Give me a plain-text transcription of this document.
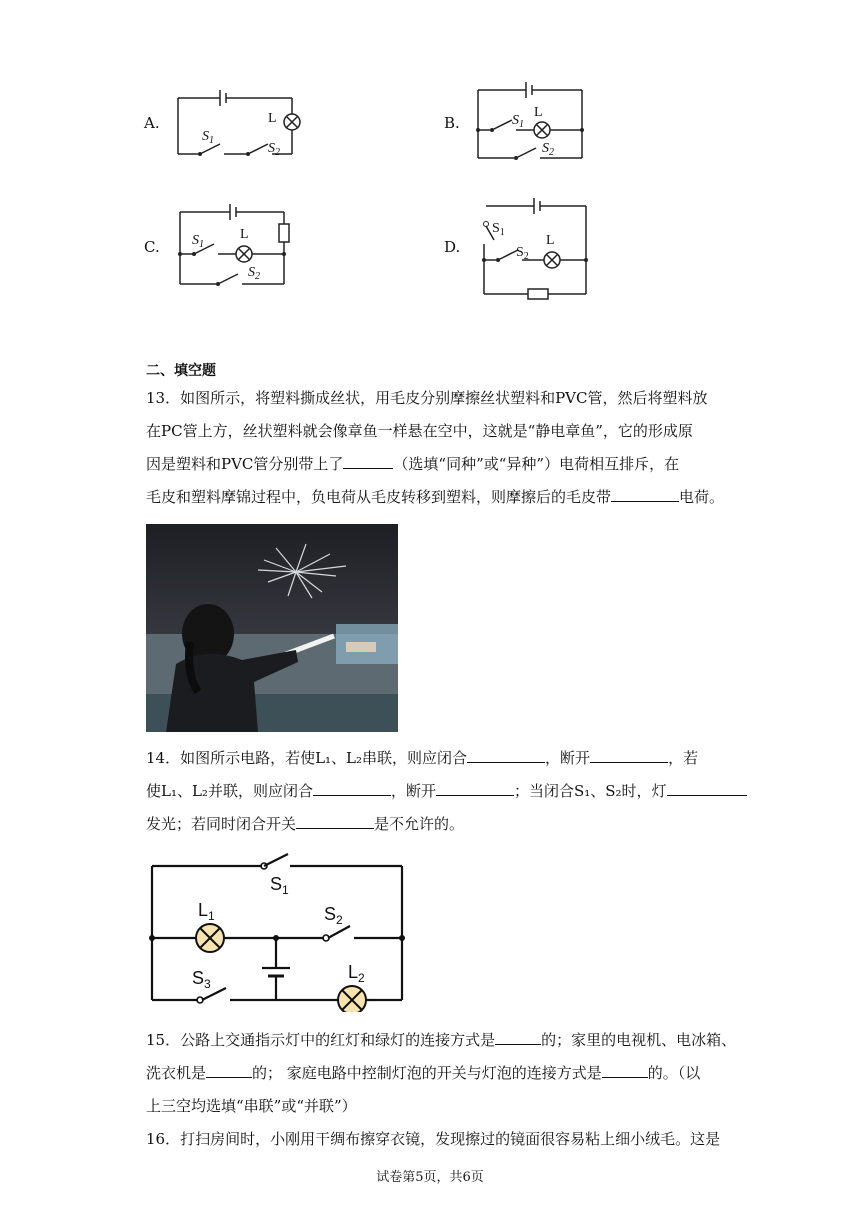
A.	L
$S_1$
$S_2$
B.
L
$S_1$
$S_2$
C.
L
$S_1$
$S_2$
D.
$S_1$
L
$S_2$
二、填空题
13．如图所示，将塑料撕成丝状，用毛皮分别摩擦丝状塑料和PVC管，然后将塑料放
在PC管上方，丝状塑料就会像章鱼一样悬在空中，这就是“静电章鱼”，它的形成原
因是塑料和PVC管分别带上了	（选填“同种”或“异种”）电荷相互排斥，在
毛皮和塑料摩锦过程中，负电荷从毛皮转移到塑料，则摩擦后的毛皮带	电荷。
14．如图所示电路，若使L₁、L₂串联，则应闭合	，断开	，若
使L₁、L₂并联，则应闭合	，断开	；当闭合S₁、S₂时，灯
发光；若同时闭合开关	是不允许的。
$S_1$
$L_1$	$S_2$
$S_3$
$L_2$
15．公路上交通指示灯中的红灯和绿灯的连接方式是	的；家里的电视机、电冰箱、
洗衣机是	的； 家庭电路中控制灯泡的开关与灯泡的连接方式是	的。（以
上三空均选填“串联”或“并联”）
16．打扫房间时，小刚用干绸布擦穿衣镜，发现擦过的镜面很容易粘上细小绒毛。这是
试卷第5页，共6页
